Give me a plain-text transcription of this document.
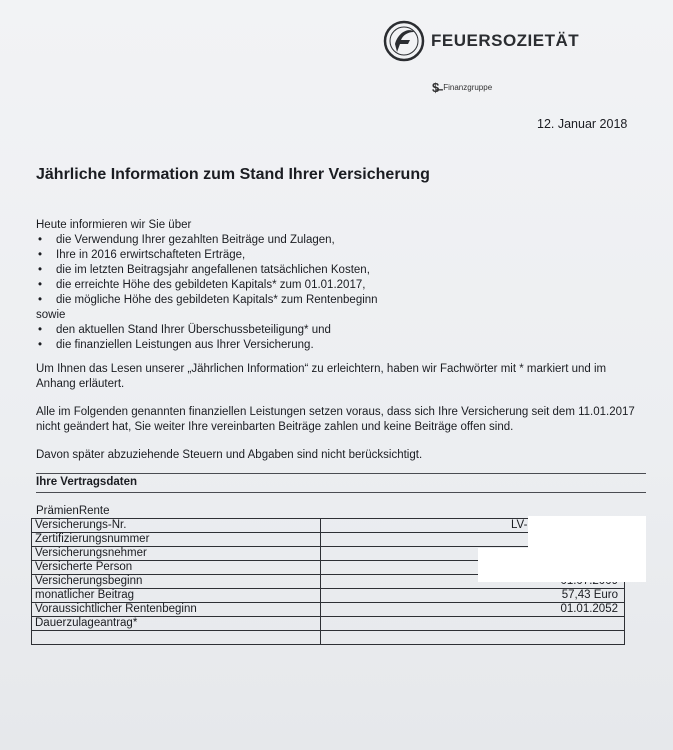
FEUERSOZIETÄT
$̶ Finanzgruppe
12. Januar 2018
Jährliche Information zum Stand Ihrer Versicherung
Heute informieren wir Sie über
• die Verwendung Ihrer gezahlten Beiträge und Zulagen,
• Ihre in 2016 erwirtschafteten Erträge,
• die im letzten Beitragsjahr angefallenen tatsächlichen Kosten,
• die erreichte Höhe des gebildeten Kapitals* zum 01.01.2017,
• die mögliche Höhe des gebildeten Kapitals* zum Rentenbeginn
sowie
• den aktuellen Stand Ihrer Überschussbeteiligung* und
• die finanziellen Leistungen aus Ihrer Versicherung.
Um Ihnen das Lesen unserer „Jährlichen Information“ zu erleichtern, haben wir Fachwörter mit * markiert und im Anhang erläutert.
Alle im Folgenden genannten finanziellen Leistungen setzen voraus, dass sich Ihre Versicherung seit dem 11.01.2017 nicht geändert hat, Sie weiter Ihre vereinbarten Beiträge zahlen und keine Beiträge offen sind.
Davon später abzuziehende Steuern und Abgaben sind nicht berücksichtigt.
Ihre Vertragsdaten
PrämienRente
Versicherungs-Nr.	LV-
Zertifizierungsnummer	
Versicherungsnehmer	
Versicherte Person	
Versicherungsbeginn	
monatlicher Beitrag	57,43 Euro
Voraussichtlicher Rentenbeginn	01.01.2052
Dauerzulageantrag*	
